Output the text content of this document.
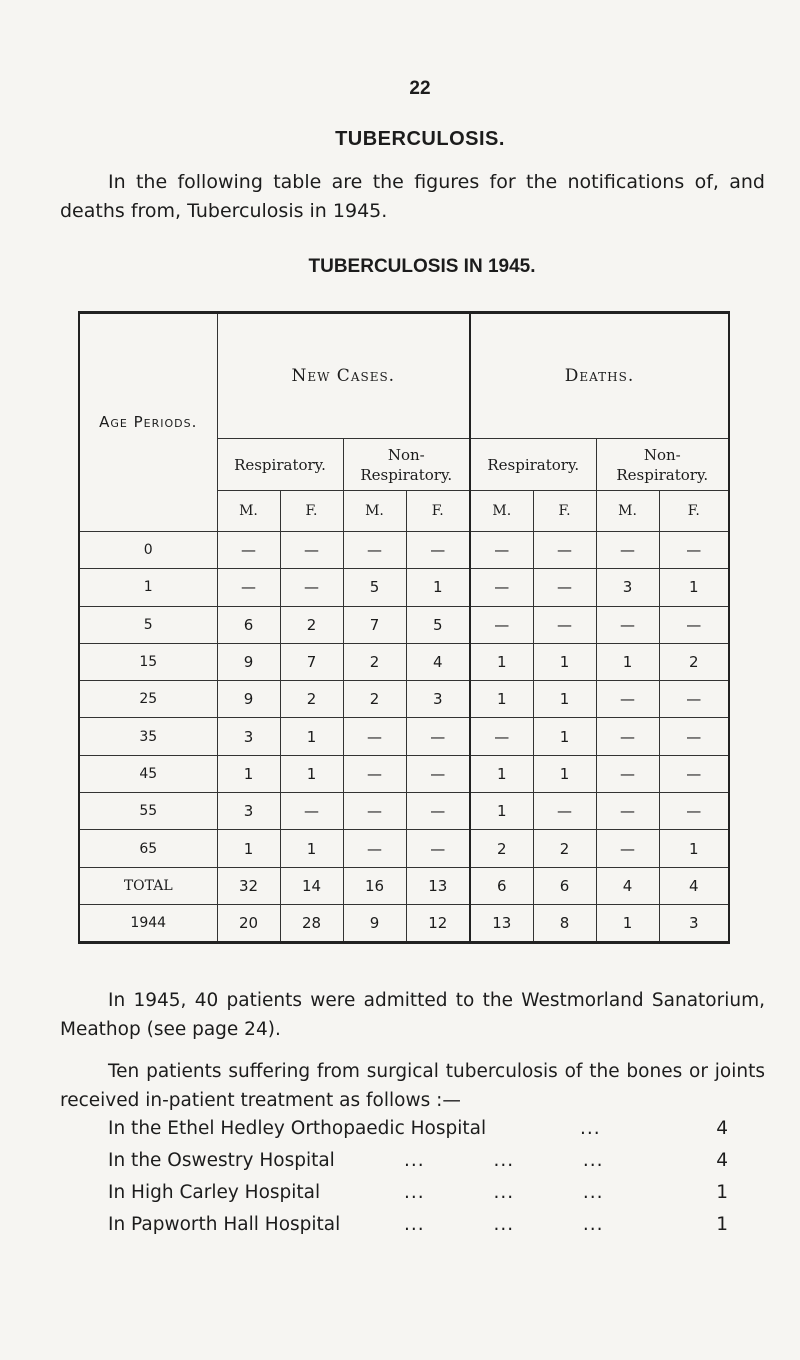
22
TUBERCULOSIS.
In the following table are the figures for the notifications of, and deaths from, Tuberculosis in 1945.
TUBERCULOSIS IN 1945.
Age Periods.	New Cases.				Deaths.			
	Respiratory.		Non-Respiratory.		Respiratory.		Non-Respiratory.	
	M.	F.	M.	F.	M.	F.	M.	F.
0	—	—	—	—	—	—	—	—
1	—	—	5	1	—	—	3	1
5	6	2	7	5	—	—	—	—
15	9	7	2	4	1	1	1	2
25	9	2	2	3	1	1	—	—
35	3	1	—	—	—	1	—	—
45	1	1	—	—	1	1	—	—
55	3	—	—	—	1	—	—	—
65	1	1	—	—	2	2	—	1
TOTAL	32	14	16	13	6	6	4	4
1944	20	28	9	12	13	8	1	3
In 1945, 40 patients were admitted to the Westmorland Sanatorium, Meathop (see page 24).
Ten patients suffering from surgical tuberculosis of the bones or joints received in-patient treatment as follows :—
In the Ethel Hedley Orthopaedic Hospital	...	4
In the Oswestry Hospital	...          ...          ...	4
In High Carley Hospital	...          ...          ...	1
In Papworth Hall Hospital	...          ...          ...	1
